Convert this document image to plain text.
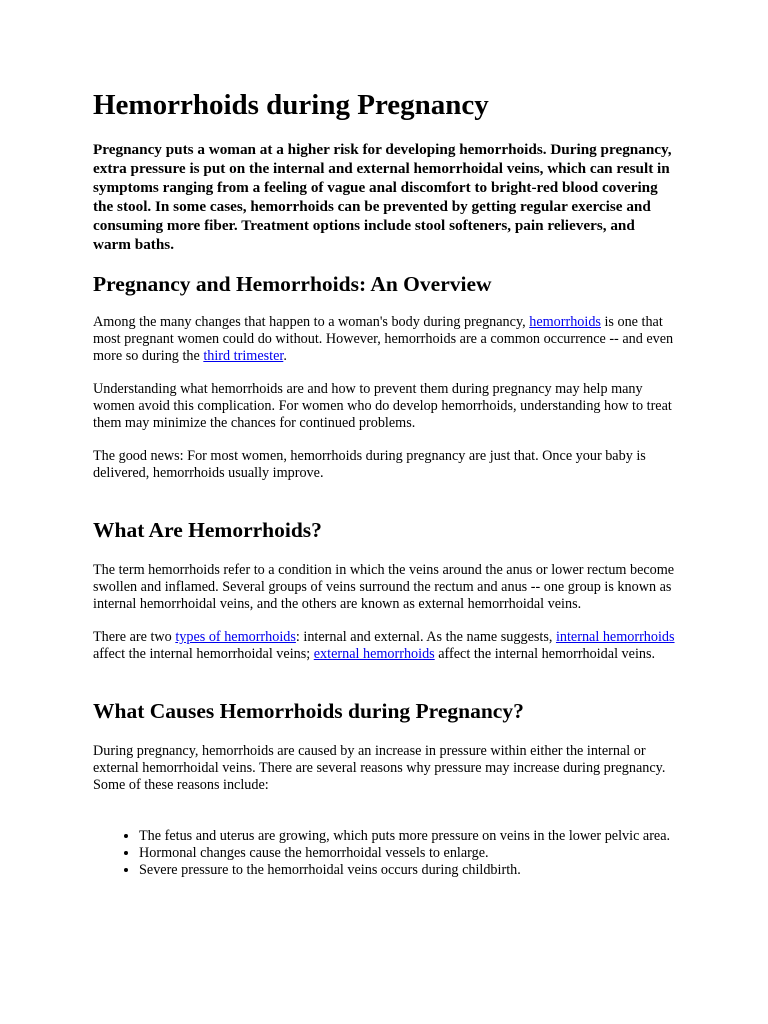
Hemorrhoids during Pregnancy

Pregnancy puts a woman at a higher risk for developing hemorrhoids. During pregnancy, extra pressure is put on the internal and external hemorrhoidal veins, which can result in symptoms ranging from a feeling of vague anal discomfort to bright-red blood covering the stool. In some cases, hemorrhoids can be prevented by getting regular exercise and consuming more fiber. Treatment options include stool softeners, pain relievers, and warm baths.

Pregnancy and Hemorrhoids: An Overview

Among the many changes that happen to a woman's body during pregnancy, hemorrhoids is one that most pregnant women could do without. However, hemorrhoids are a common occurrence -- and even more so during the third trimester.

Understanding what hemorrhoids are and how to prevent them during pregnancy may help many women avoid this complication. For women who do develop hemorrhoids, understanding how to treat them may minimize the chances for continued problems.

The good news: For most women, hemorrhoids during pregnancy are just that. Once your baby is delivered, hemorrhoids usually improve.

What Are Hemorrhoids?

The term hemorrhoids refer to a condition in which the veins around the anus or lower rectum become swollen and inflamed. Several groups of veins surround the rectum and anus -- one group is known as internal hemorrhoidal veins, and the others are known as external hemorrhoidal veins.

There are two types of hemorrhoids: internal and external. As the name suggests, internal hemorrhoids affect the internal hemorrhoidal veins; external hemorrhoids affect the internal hemorrhoidal veins.

What Causes Hemorrhoids during Pregnancy?

During pregnancy, hemorrhoids are caused by an increase in pressure within either the internal or external hemorrhoidal veins. There are several reasons why pressure may increase during pregnancy. Some of these reasons include:

• The fetus and uterus are growing, which puts more pressure on veins in the lower pelvic area.
• Hormonal changes cause the hemorrhoidal vessels to enlarge.
• Severe pressure to the hemorrhoidal veins occurs during childbirth.
